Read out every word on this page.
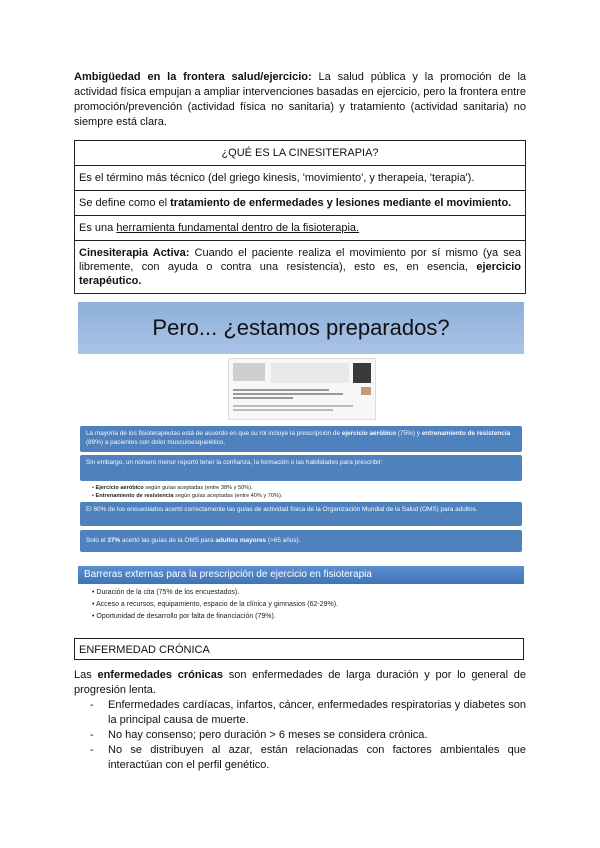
Ambigüedad en la frontera salud/ejercicio: La salud pública y la promoción de la actividad física empujan a ampliar intervenciones basadas en ejercicio, pero la frontera entre promoción/prevención (actividad física no sanitaria) y tratamiento (actividad sanitaria) no siempre está clara.

¿QUÉ ES LA CINESITERAPIA?
Es el término más técnico (del griego kinesis, 'movimiento', y therapeia, 'terapia').
Se define como el tratamiento de enfermedades y lesiones mediante el movimiento.
Es una herramienta fundamental dentro de la fisioterapia.
Cinesiterapia Activa: Cuando el paciente realiza el movimiento por sí mismo (ya sea libremente, con ayuda o contra una resistencia), esto es, en esencia, ejercicio terapéutico.
Pero... ¿estamos preparados?
La mayoría de los fisioterapeutas está de acuerdo en que su rol incluye la prescripción de ejercicio aeróbico (75%) y entrenamiento de resistencia (89%) a pacientes con dolor musculoesquelético.
Sin embargo, un número menor reportó tener la confianza, la formación o las habilidades para prescribir:
• Ejercicio aeróbico según guías aceptadas (entre 38% y 50%).
• Entrenamiento de resistencia según guías aceptadas (entre 40% y 70%).
El 60% de los encuestados acertó correctamente las guías de actividad física de la Organización Mundial de la Salud (OMS) para adultos.
Solo el 37% acertó las guías de la OMS para adultos mayores (>65 años).
Barreras externas para la prescripción de ejercicio en fisioterapia
• Duración de la cita (75% de los encuestados).
• Acceso a recursos, equipamiento, espacio de la clínica y gimnasios (62-29%).
• Oportunidad de desarrollo por falta de financiación (79%).
ENFERMEDAD CRÓNICA

Las enfermedades crónicas son enfermedades de larga duración y por lo general de progresión lenta.

- Enfermedades cardíacas, infartos, cáncer, enfermedades respiratorias y diabetes son la principal causa de muerte.
- No hay consenso; pero duración > 6 meses se considera crónica.
- No se distribuyen al azar, están relacionadas con factores ambientales que interactúan con el perfil genético.
